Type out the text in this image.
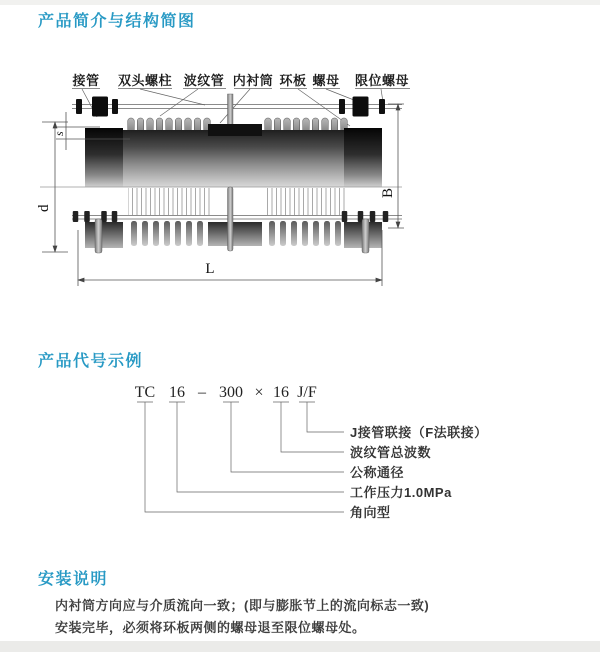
产品简介与结构简图
接管 双头螺柱 波纹管 内衬筒 环板 螺母 限位螺母
s
d
B
L
产品代号示例
TC 16 – 300 × 16 J/F
J接管联接（F法联接）
波纹管总波数
公称通径
工作压力1.0MPa
角向型
安装说明

内衬筒方向应与介质流向一致；(即与膨胀节上的流向标志一致)

安装完毕，必须将环板两侧的螺母退至限位螺母处。
